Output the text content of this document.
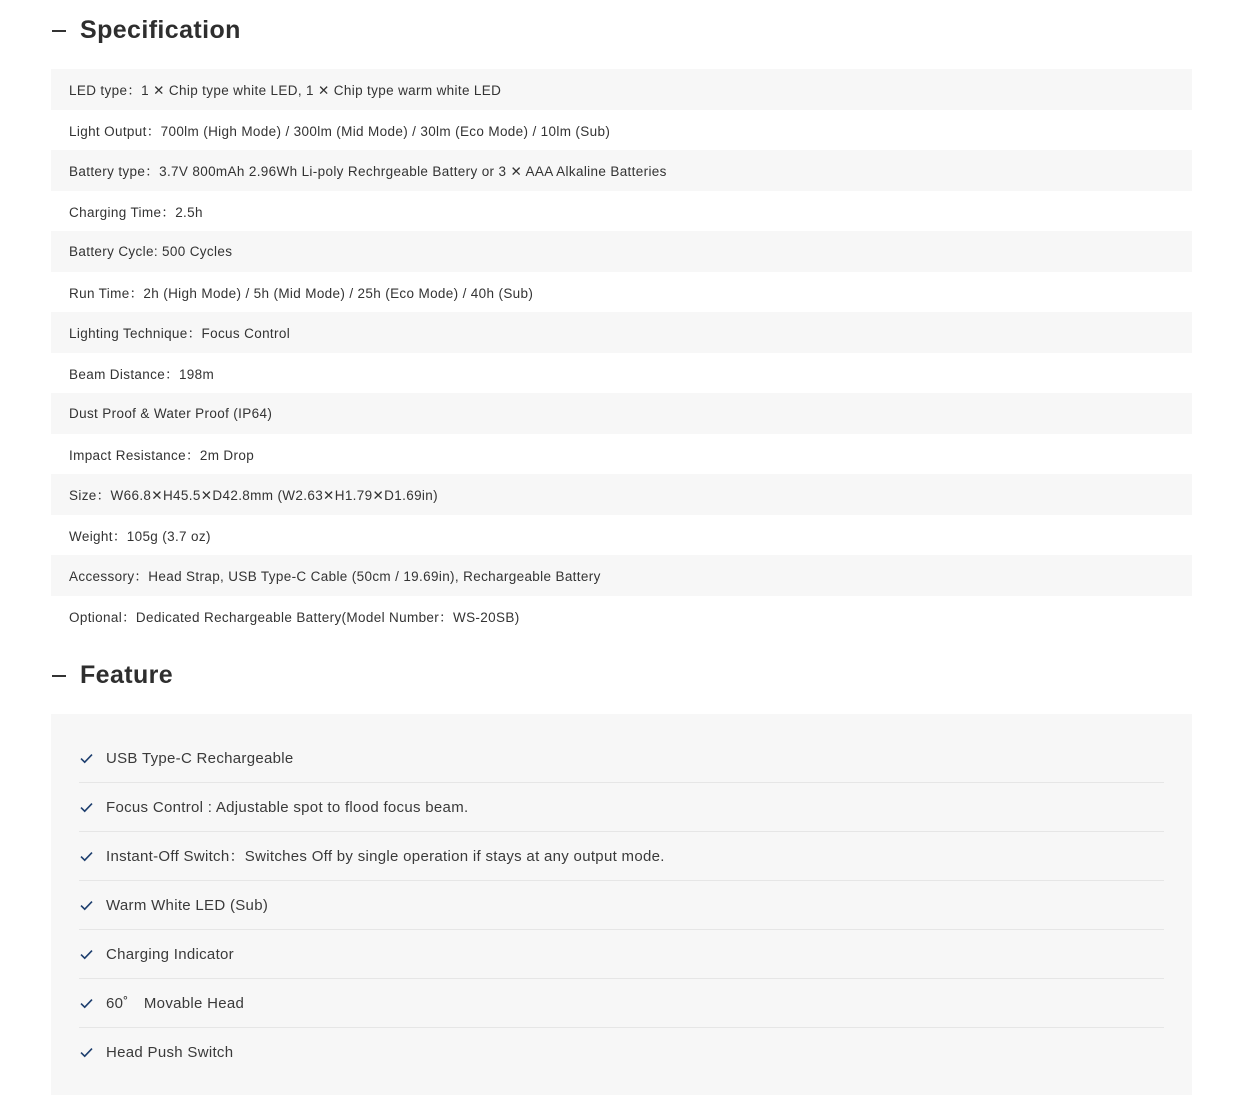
Specification
LED type：1 ✕ Chip type white LED, 1 ✕ Chip type warm white LED
Light Output：700lm (High Mode) / 300lm (Mid Mode) / 30lm (Eco Mode) / 10lm (Sub)
Battery type：3.7V 800mAh 2.96Wh Li-poly Rechrgeable Battery or 3 ✕ AAA Alkaline Batteries
Charging Time：2.5h
Battery Cycle: 500 Cycles
Run Time：2h (High Mode) / 5h (Mid Mode) / 25h (Eco Mode) / 40h (Sub)
Lighting Technique：Focus Control
Beam Distance：198m
Dust Proof & Water Proof (IP64)
Impact Resistance：2m Drop
Size：W66.8✕H45.5✕D42.8mm (W2.63✕H1.79✕D1.69in)
Weight：105g (3.7 oz)
Accessory：Head Strap, USB Type-C Cable (50cm / 19.69in), Rechargeable Battery
Optional：Dedicated Rechargeable Battery(Model Number：WS-20SB)
Feature
USB Type-C Rechargeable
Focus Control : Adjustable spot to flood focus beam.
Instant-Off Switch：Switches Off by single operation if stays at any output mode.
Warm White LED (Sub)
Charging Indicator
60˚　Movable Head
Head Push Switch
